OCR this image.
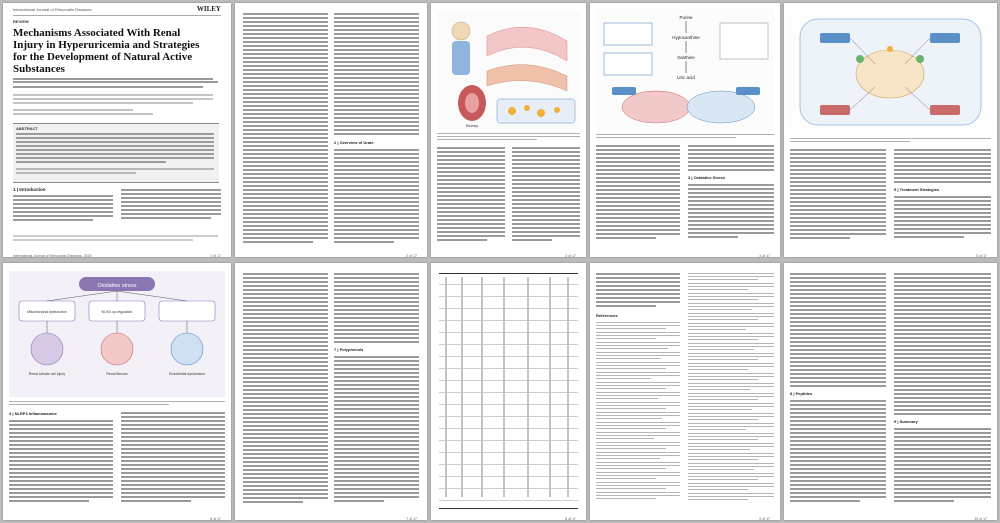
International Journal of Rheumatic Diseases	WILEY
REVIEW
Mechanisms Associated With Renal Injury in Hyperuricemia and Strategies for the Development of Natural Active Substances
ABSTRACT
1 | Introduction
International Journal of Rheumatic Diseases, 2025	1 of 17
2 | Overview of Urate
2 of 17
Kidney
3 of 17
Purine
Hypoxanthine
Xanthine
Uric acid
3 | Oxidative Stress
4 of 17
5 | Treatment Strategies
5 of 17
Oxidative stress
Mitochondrial dysfunction	NOX4 up-regulation
Renal tubular cell injury	Renal fibrosis	Endothelial dysfunction
4 | NLRP3 Inflammasome
6 of 17
7 | Polyphenols
7 of 17	8 of 17
References
9 of 17
8 | Peptides
9 | Summary
10 of 17
